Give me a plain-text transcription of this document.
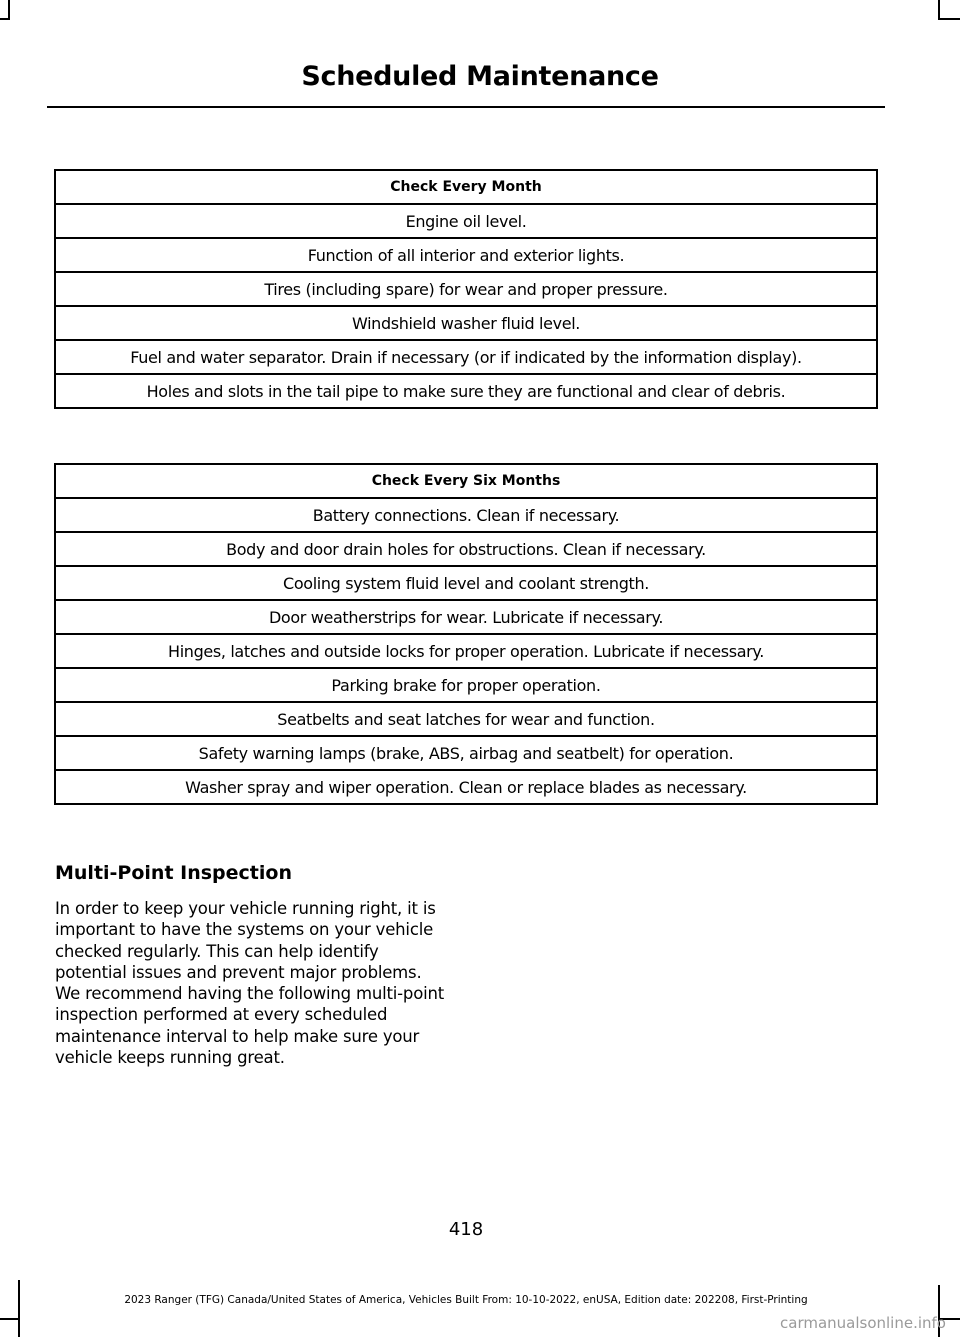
Scheduled Maintenance
Check Every Month
Engine oil level.
Function of all interior and exterior lights.
Tires (including spare) for wear and proper pressure.
Windshield washer fluid level.
Fuel and water separator. Drain if necessary (or if indicated by the information display).
Holes and slots in the tail pipe to make sure they are functional and clear of debris.
Check Every Six Months
Battery connections. Clean if necessary.
Body and door drain holes for obstructions. Clean if necessary.
Cooling system fluid level and coolant strength.
Door weatherstrips for wear. Lubricate if necessary.
Hinges, latches and outside locks for proper operation. Lubricate if necessary.
Parking brake for proper operation.
Seatbelts and seat latches for wear and function.
Safety warning lamps (brake, ABS, airbag and seatbelt) for operation.
Washer spray and wiper operation. Clean or replace blades as necessary.
Multi-Point Inspection
In order to keep your vehicle running right, it is important to have the systems on your vehicle checked regularly. This can help identify potential issues and prevent major problems. We recommend having the following multi-point inspection performed at every scheduled maintenance interval to help make sure your vehicle keeps running great.
418
2023 Ranger (TFG) Canada/United States of America, Vehicles Built From: 10-10-2022, enUSA, Edition date: 202208, First-Printing
carmanualsonline.info
